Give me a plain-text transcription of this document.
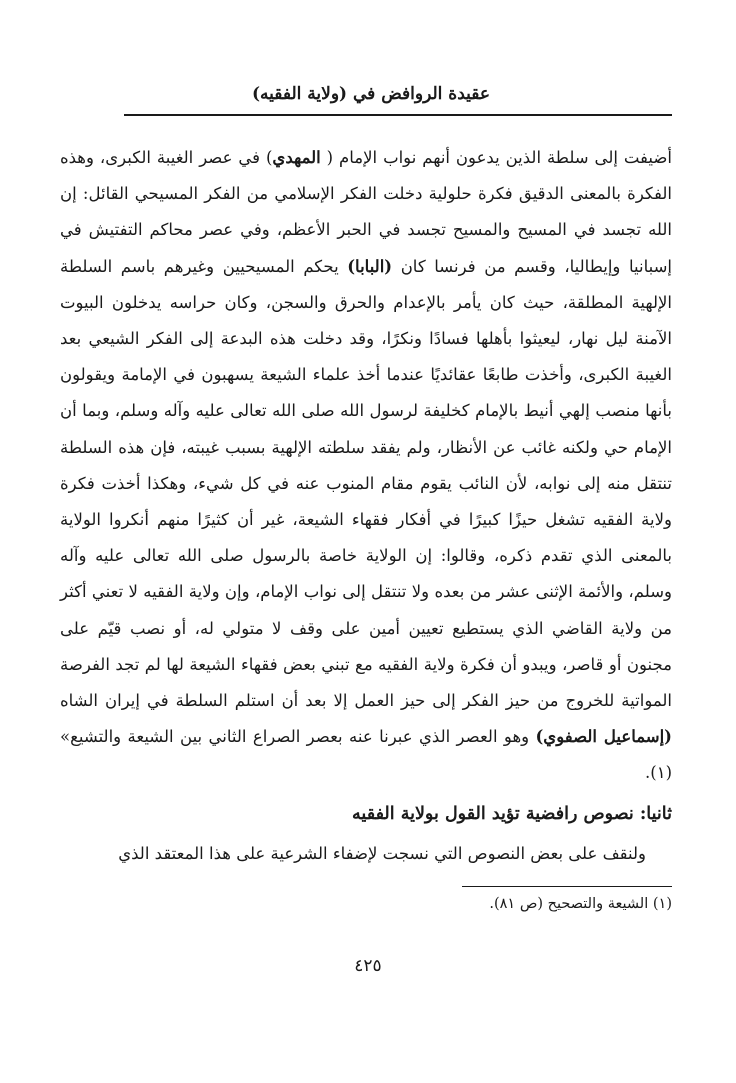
عقيدة الروافض في (ولاية الفقيه)

أضيفت إلى سلطة الذين يدعون أنهم نواب الإمام ( المهدي) في عصر الغيبة الكبرى، وهذه الفكرة بالمعنى الدقيق فكرة حلولية دخلت الفكر الإسلامي من الفكر المسيحي القائل: إن الله تجسد في المسيح والمسيح تجسد في الحبر الأعظم، وفي عصر محاكم التفتيش في إسبانيا وإيطاليا، وقسم من فرنسا كان (البابا) يحكم المسيحيين وغيرهم باسم السلطة الإلهية المطلقة، حيث كان يأمر بالإعدام والحرق والسجن، وكان حراسه يدخلون البيوت الآمنة ليل نهار، ليعيثوا بأهلها فسادًا ونكرًا، وقد دخلت هذه البدعة إلى الفكر الشيعي بعد الغيبة الكبرى، وأخذت طابعًا عقائديًا عندما أخذ علماء الشيعة يسهبون في الإمامة ويقولون بأنها منصب إلهي أنيط بالإمام كخليفة لرسول الله صلى الله تعالى عليه وآله وسلم، وبما أن الإمام حي ولكنه غائب عن الأنظار، ولم يفقد سلطته الإلهية بسبب غيبته، فإن هذه السلطة تنتقل منه إلى نوابه، لأن النائب يقوم مقام المنوب عنه في كل شيء، وهكذا أخذت فكرة ولاية الفقيه تشغل حيزًا كبيرًا في أفكار فقهاء الشيعة، غير أن كثيرًا منهم أنكروا الولاية بالمعنى الذي تقدم ذكره، وقالوا: إن الولاية خاصة بالرسول صلى الله تعالى عليه وآله وسلم، والأئمة الإثنى عشر من بعده ولا تنتقل إلى نواب الإمام، وإن ولاية الفقيه لا تعني أكثر من ولاية القاضي الذي يستطيع تعيين أمين على وقف لا متولي له، أو نصب قيّم على مجنون أو قاصر، ويبدو أن فكرة ولاية الفقيه مع تبني بعض فقهاء الشيعة لها لم تجد الفرصة المواتية للخروج من حيز الفكر إلى حيز العمل إلا بعد أن استلم السلطة في إيران الشاه (إسماعيل الصفوي) وهو العصر الذي عبرنا عنه بعصر الصراع الثاني بين الشيعة والتشيع» (١).

ثانيا: نصوص رافضية تؤيد القول بولاية الفقيه
ولنقف على بعض النصوص التي نسجت لإضفاء الشرعية على هذا المعتقد الذي
(١) الشيعة والتصحيح (ص ٨١).
٤٢٥
